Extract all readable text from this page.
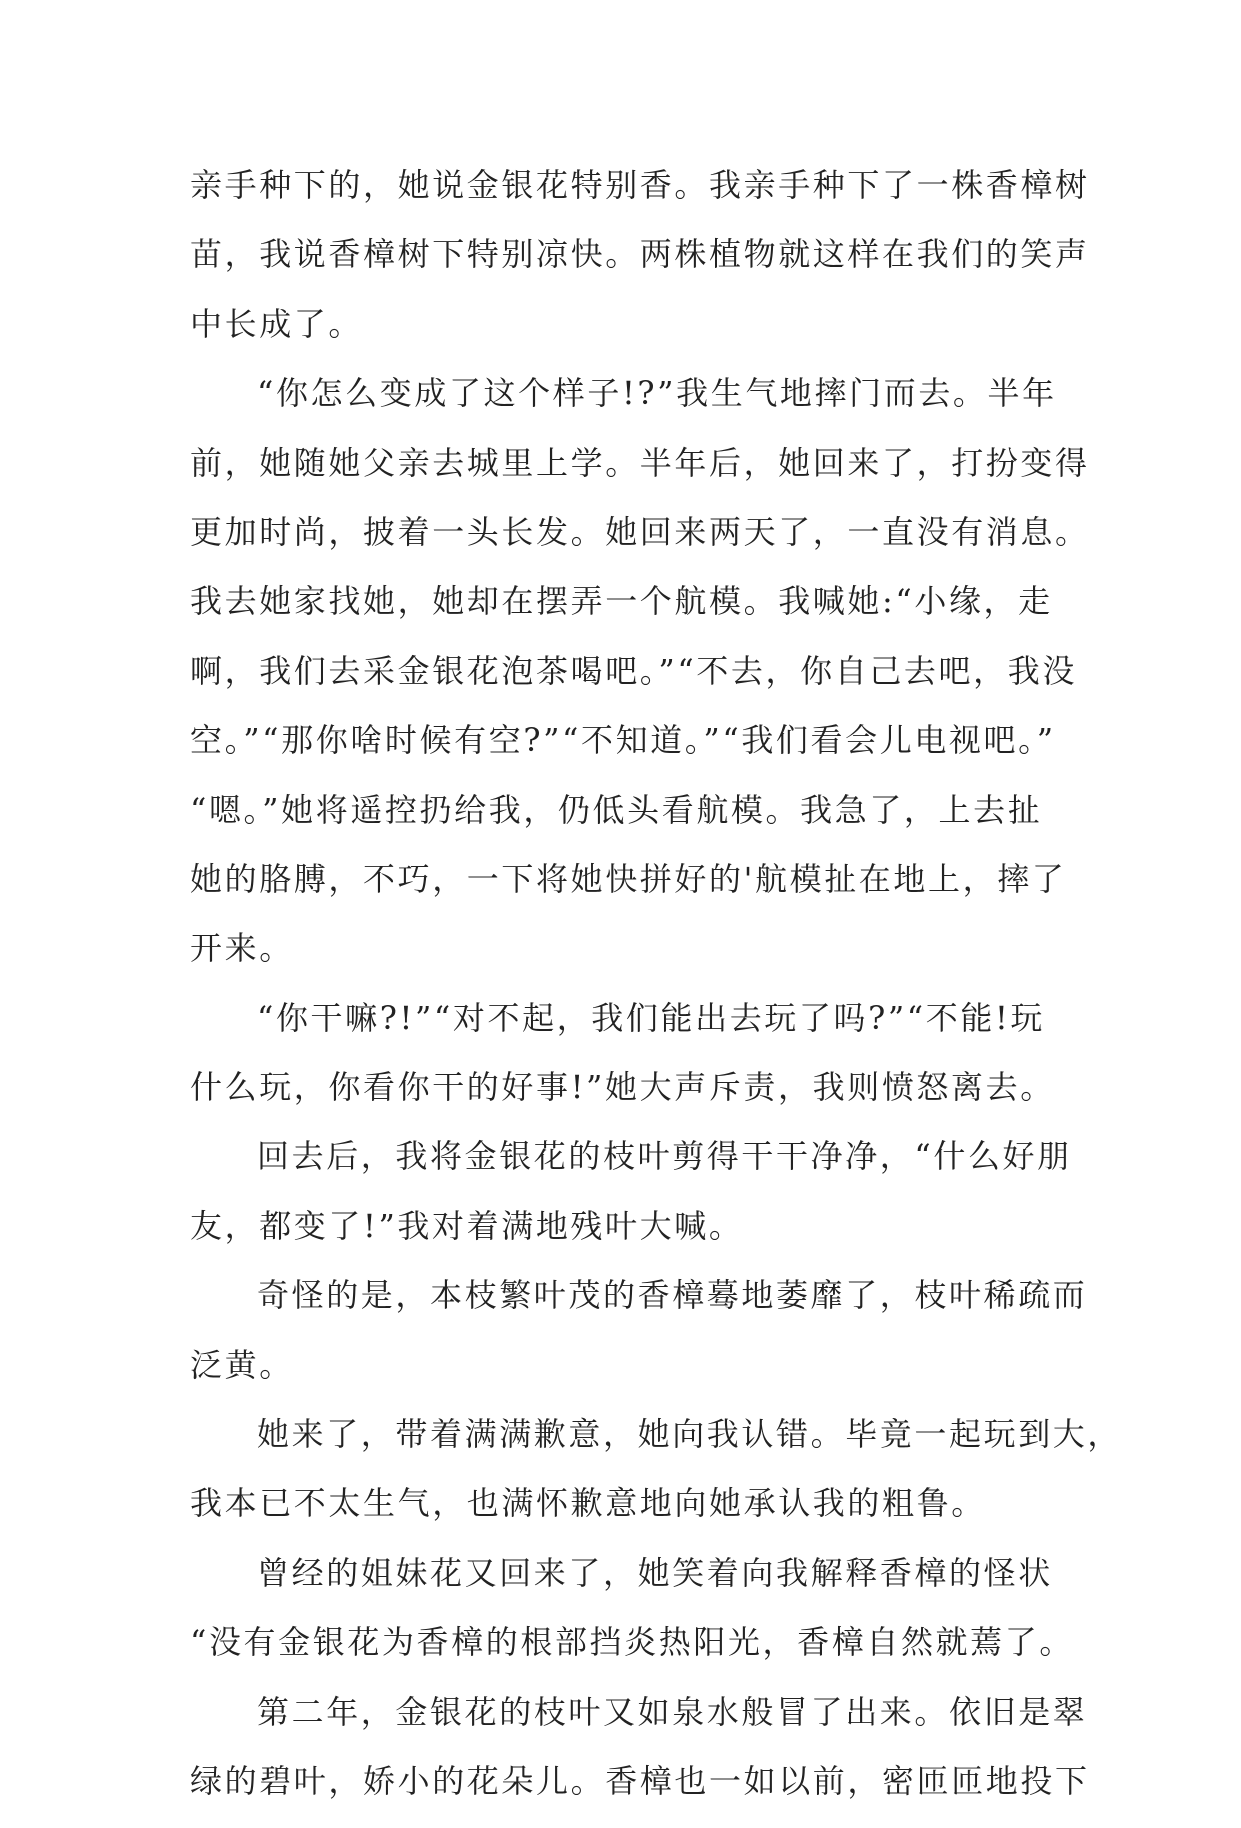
亲手种下的，她说金银花特别香。我亲手种下了一株香樟树
苗，我说香樟树下特别凉快。两株植物就这样在我们的笑声
中长成了。
“你怎么变成了这个样子!?”我生气地摔门而去。半年
前，她随她父亲去城里上学。半年后，她回来了，打扮变得
更加时尚，披着一头长发。她回来两天了，一直没有消息。
我去她家找她，她却在摆弄一个航模。我喊她:“小缘，走
啊，我们去采金银花泡茶喝吧。”“不去，你自己去吧，我没
空。”“那你啥时候有空?”“不知道。”“我们看会儿电视吧。”
“嗯。”她将遥控扔给我，仍低头看航模。我急了，上去扯
她的胳膊，不巧，一下将她快拼好的'航模扯在地上，摔了
开来。
“你干嘛?!”“对不起，我们能出去玩了吗?”“不能!玩
什么玩，你看你干的好事!”她大声斥责，我则愤怒离去。
回去后，我将金银花的枝叶剪得干干净净，“什么好朋
友，都变了!”我对着满地残叶大喊。
奇怪的是，本枝繁叶茂的香樟蓦地萎靡了，枝叶稀疏而
泛黄。
她来了，带着满满歉意，她向我认错。毕竟一起玩到大，
我本已不太生气，也满怀歉意地向她承认我的粗鲁。
曾经的姐妹花又回来了，她笑着向我解释香樟的怪状
“没有金银花为香樟的根部挡炎热阳光，香樟自然就蔫了。
第二年，金银花的枝叶又如泉水般冒了出来。依旧是翠
绿的碧叶，娇小的花朵儿。香樟也一如以前，密匝匝地投下
